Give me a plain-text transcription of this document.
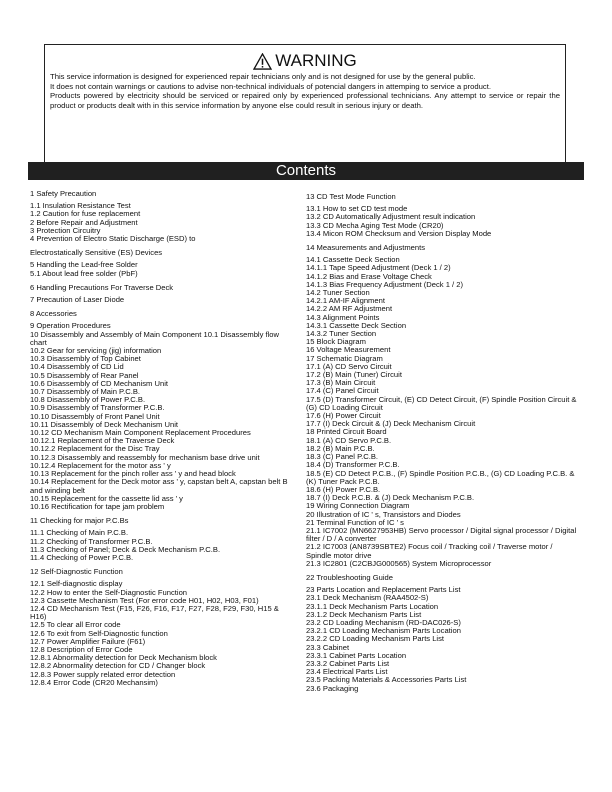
WARNING

This service information is designed for experienced repair technicians only and is not designed for use by the general public.

It does not contain warnings or cautions to advise non-technical individuals of potencial dangers in attemping to service a product.

Products powered by electricity should be serviced or repaired only by experienced professional technicians. Any attempt to service or repair the product or products dealt with in this service information by anyone else could result in serious injury or death.

Contents
1 Safety Precaution
1.1 Insulation Resistance Test
1.2 Caution for fuse replacement
2 Before Repair and Adjustment
3 Protection Circuitry
4 Prevention of Electro Static Discharge (ESD) to
Electrostatically Sensitive (ES) Devices
5 Handling the Lead-free Solder
5.1 About lead free solder (PbF)
6 Handling Precautions For Traverse Deck
7 Precaution of Laser Diode
8 Accessories
9 Operation Procedures
10 Disassembly and Assembly of Main Component 10.1 Disassembly flow chart
10.2 Gear for servicing (jig) information
10.3 Disassembly of Top Cabinet
10.4 Disassembly of CD Lid
10.5 Disassembly of Rear Panel
10.6 Disassembly of CD Mechanism Unit
10.7 Disassembly of Main P.C.B.
10.8 Disassembly of Power P.C.B.
10.9 Disassembly of Transformer P.C.B.
10.10 Disassembly of Front Panel Unit
10.11 Disassembly of Deck Mechanism Unit
10.12 CD Mechanism Main Component Replacement Procedures
10.12.1 Replacement of the Traverse Deck
10.12.2 Replacement for the Disc Tray
10.12.3 Disassembly and reassembly for mechanism base drive unit
10.12.4 Replacement for the motor ass ' y
10.13 Replacement for the pinch roller ass ' y and head block
10.14 Replacement for the Deck motor ass ' y, capstan belt A, capstan belt B and winding belt
10.15 Replacement for the cassette lid ass ' y
10.16 Rectification for tape jam problem
11 Checking for major P.C.Bs
11.1 Checking of Main P.C.B.
11.2 Checking of Transformer P.C.B.
11.3 Checking of Panel; Deck & Deck Mechanism P.C.B.
11.4 Checking of Power P.C.B.
12 Self-Diagnostic Function
12.1 Self-diagnostic display
12.2 How to enter the Self-Diagnostic Function
12.3 Cassette Mechanism Test (For error code H01, H02, H03, F01)
12.4 CD Mechanism Test (F15, F26, F16, F17, F27, F28, F29, F30, H15 & H16)
12.5 To clear all Error code
12.6 To exit from Self-Diagnostic function
12.7 Power Amplifier Failure (F61)
12.8 Description of Error Code
12.8.1 Abnormality detection for Deck Mechanism block
12.8.2 Abnormality detection for CD / Changer block
12.8.3 Power supply related error detection
12.8.4 Error Code (CR20 Mechansim)
13 CD Test Mode Function
13.1 How to set CD test mode
13.2 CD Automatically Adjustment result indication
13.3 CD Mecha Aging Test Mode (CR20)
13.4 Micon ROM Checksum and Version Display Mode
14 Measurements and Adjustments
14.1 Cassette Deck Section
14.1.1 Tape Speed Adjustment (Deck 1 / 2)
14.1.2 Bias and Erase Voltage Check
14.1.3 Bias Frequency Adjustment (Deck 1 / 2)
14.2 Tuner Section
14.2.1 AM-IF Alignment
14.2.2 AM RF Adjustment
14.3 Alignment Points
14.3.1 Cassette Deck Section
14.3.2 Tuner Section
15 Block Diagram
16 Voltage Measurement
17 Schematic Diagram
17.1 (A) CD Servo Circuit
17.2 (B) Main (Tuner) Circuit
17.3 (B) Main Circuit
17.4 (C) Panel Circuit
17.5 (D) Transformer Circuit, (E) CD Detect Circuit, (F) Spindle Position Circuit & (G) CD Loading Circuit
17.6 (H) Power Circuit
17.7 (I) Deck Circuit & (J) Deck Mechanism Circuit
18 Printed Circuit Board
18.1 (A) CD Servo P.C.B.
18.2 (B) Main P.C.B.
18.3 (C) Panel P.C.B.
18.4 (D) Transformer P.C.B.
18.5 (E) CD Detect P.C.B., (F) Spindle Position P.C.B., (G) CD Loading P.C.B. & (K) Tuner Pack P.C.B.
18.6 (H) Power P.C.B.
18.7 (I) Deck P.C.B. & (J) Deck Mechanism P.C.B.
19 Wiring Connection Diagram
20 Illustration of IC ' s, Transistors and Diodes
21 Terminal Function of IC ' s
21.1 IC7002 (MN6627953HB) Servo processor / Digital signal processor / Digital filter / D / A converter
21.2 IC7003 (AN8739SBTE2) Focus coil / Tracking coil / Traverse motor / Spindle motor drive
21.3 IC2801 (C2CBJG000565) System Microprocessor
22 Troubleshooting Guide
23 Parts Location and Replacement Parts List
23.1 Deck Mechanism (RAA4502-S)
23.1.1 Deck Mechanism Parts Location
23.1.2 Deck Mechanism Parts List
23.2 CD Loading Mechanism (RD-DAC026-S)
23.2.1 CD Loading Mechanism Parts Location
23.2.2 CD Loading Mechanism Parts List
23.3 Cabinet
23.3.1 Cabinet Parts Location
23.3.2 Cabinet Parts List
23.4 Electrical Parts List
23.5 Packing Materials & Accessories Parts List
23.6 Packaging
